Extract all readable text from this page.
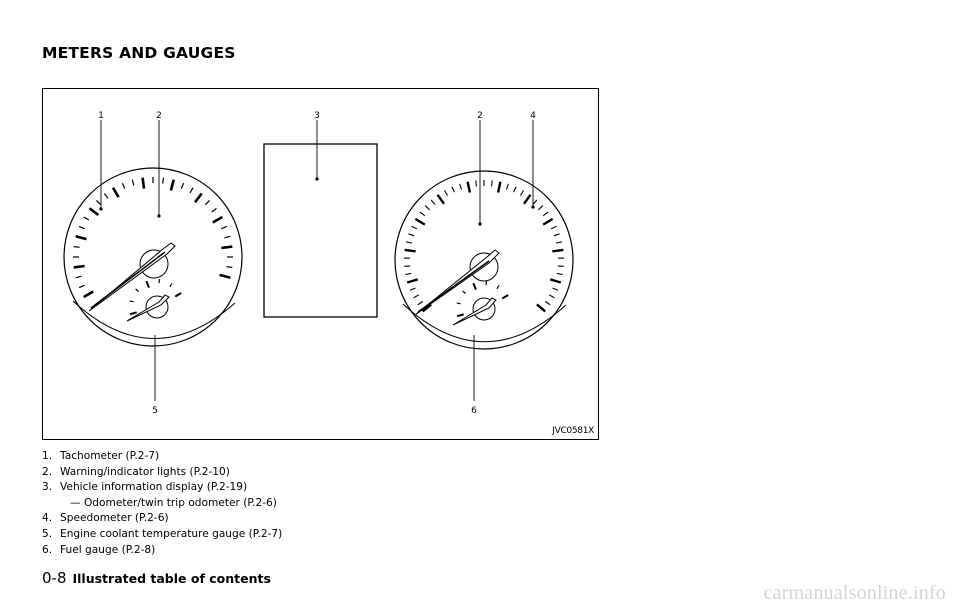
METERS AND GAUGES
1	2	3	2	4
5	6
JVC0581X
1. Tachometer (P.2-7)
2. Warning/indicator lights (P.2-10)
3. Vehicle information display (P.2-19)
— Odometer/twin trip odometer (P.2-6)
4. Speedometer (P.2-6)
5. Engine coolant temperature gauge (P.2-7)
6. Fuel gauge (P.2-8)
0-8 Illustrated table of contents
carmanualsonline.info
